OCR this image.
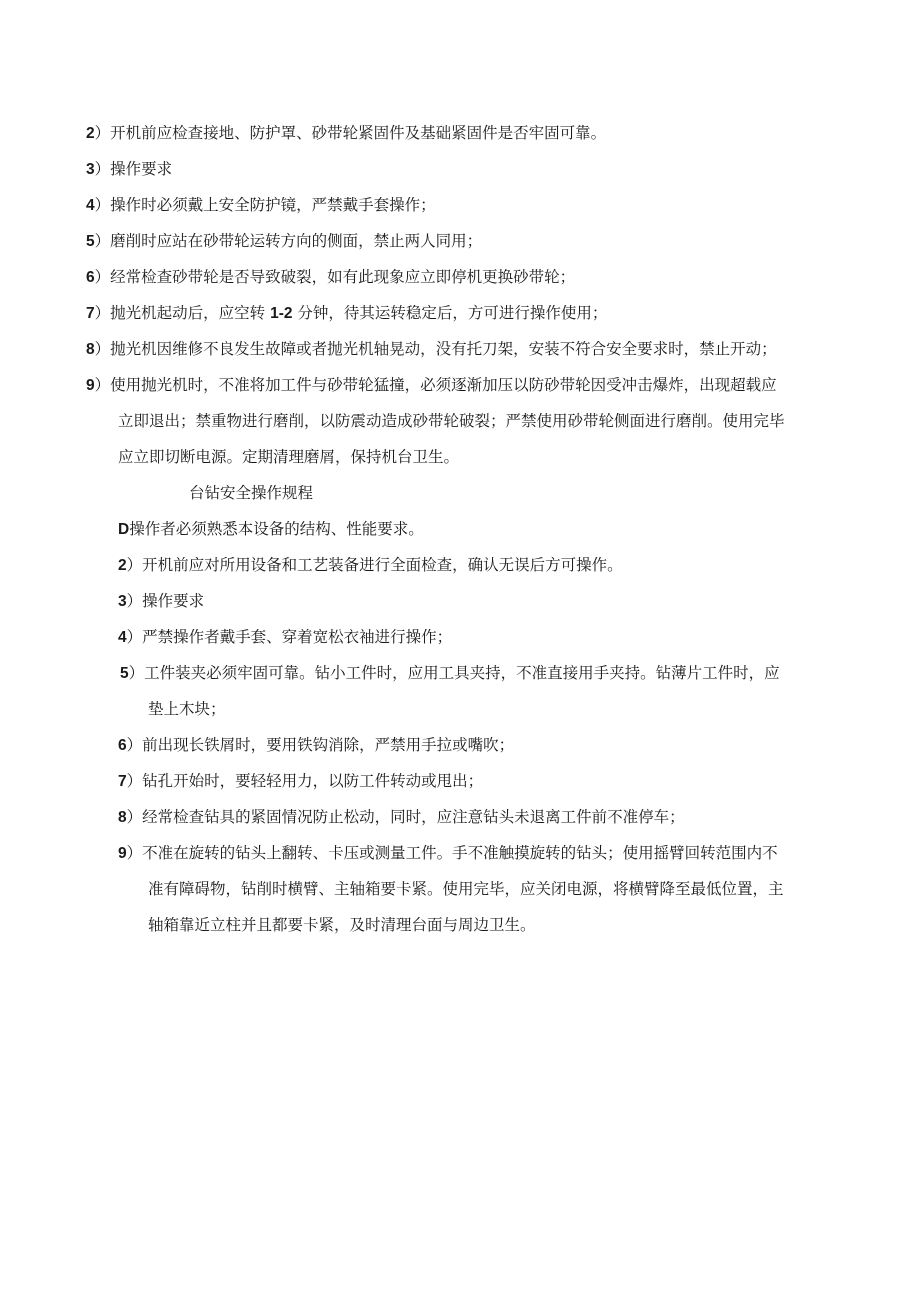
2）开机前应检查接地、防护罩、砂带轮紧固件及基础紧固件是否牢固可靠。
3）操作要求
4）操作时必须戴上安全防护镜，严禁戴手套操作；
5）磨削时应站在砂带轮运转方向的侧面，禁止两人同用；
6）经常检查砂带轮是否导致破裂，如有此现象应立即停机更换砂带轮；
7）抛光机起动后，应空转 1-2 分钟，待其运转稳定后，方可进行操作使用；
8）抛光机因维修不良发生故障或者抛光机轴晃动，没有托刀架，安装不符合安全要求时，禁止开动；
9）使用抛光机时，不准将加工件与砂带轮猛撞，必须逐渐加压以防砂带轮因受冲击爆炸，出现超载应
立即退出；禁重物进行磨削，以防震动造成砂带轮破裂；严禁使用砂带轮侧面进行磨削。使用完毕
应立即切断电源。定期清理磨屑，保持机台卫生。
台钻安全操作规程
D操作者必须熟悉本设备的结构、性能要求。
2）开机前应对所用设备和工艺装备进行全面检查，确认无误后方可操作。
3）操作要求
4）严禁操作者戴手套、穿着宽松衣袖进行操作；
5）工件装夹必须牢固可靠。钻小工件时，应用工具夹持，不准直接用手夹持。钻薄片工件时，应
垫上木块；
6）前出现长铁屑时，要用铁钩消除，严禁用手拉或嘴吹；
7）钻孔开始时，要轻轻用力，以防工件转动或甩出；
8）经常检查钻具的紧固情况防止松动，同时，应注意钻头未退离工件前不准停车；
9）不准在旋转的钻头上翻转、卡压或测量工件。手不准触摸旋转的钻头；使用摇臂回转范围内不
准有障碍物，钻削时横臂、主轴箱要卡紧。使用完毕，应关闭电源，将横臂降至最低位置，主
轴箱靠近立柱并且都要卡紧，及时清理台面与周边卫生。
